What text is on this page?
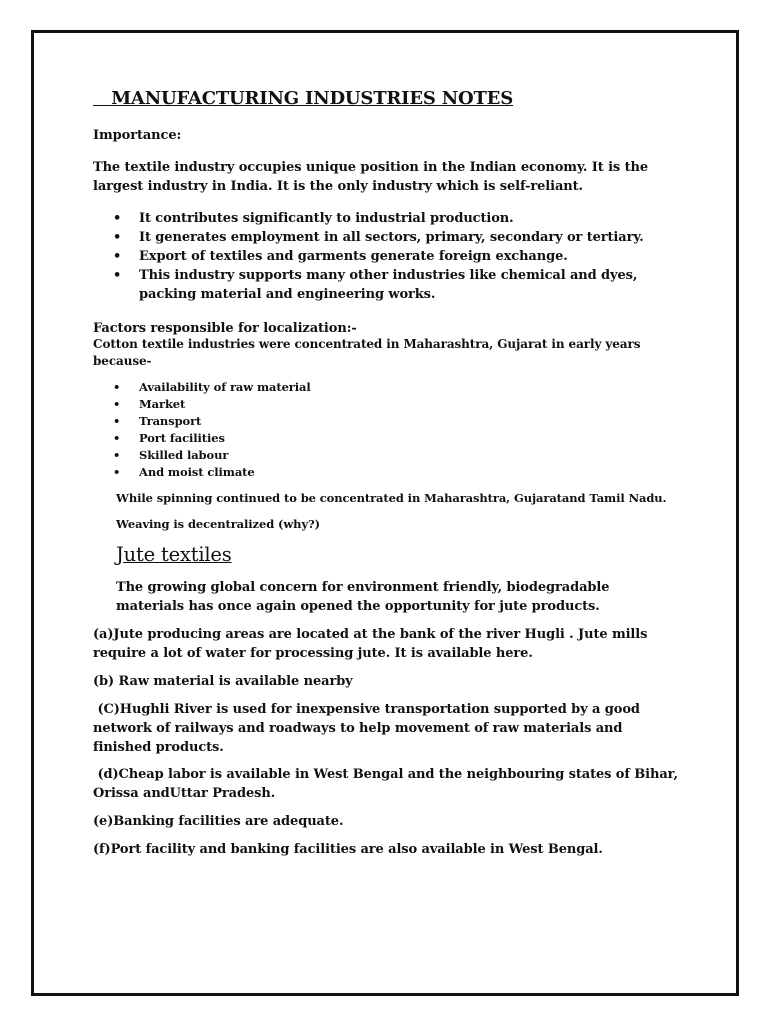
MANUFACTURING INDUSTRIES NOTES

Importance:

The textile industry occupies unique position in the Indian economy. It is the largest industry in India. It is the only industry which is self-reliant.

• It contributes significantly to industrial production.
• It generates employment in all sectors, primary, secondary or tertiary.
• Export of textiles and garments generate foreign exchange.
• This industry supports many other industries like chemical and dyes, packing material and engineering works.

Factors responsible for localization:-

Cotton textile industries were concentrated in Maharashtra, Gujarat in early years because-

• Availability of raw material
• Market
• Transport
• Port facilities
• Skilled labour
• And moist climate

While spinning continued to be concentrated in Maharashtra, Gujaratand Tamil Nadu.

Weaving is decentralized (why?)

Jute textiles

The growing global concern for environment friendly, biodegradable materials has once again opened the opportunity for jute products.

(a)Jute producing areas are located at the bank of the river Hugli . Jute mills require a lot of water for processing jute. It is available here.

(b) Raw material is available nearby

(C)Hughli River is used for inexpensive transportation supported by a good network of railways and roadways to help movement of raw materials and finished products.

(d)Cheap labor is available in West Bengal and the neighbouring states of Bihar, Orissa andUttar Pradesh.

(e)Banking facilities are adequate.

(f)Port facility and banking facilities are also available in West Bengal.
